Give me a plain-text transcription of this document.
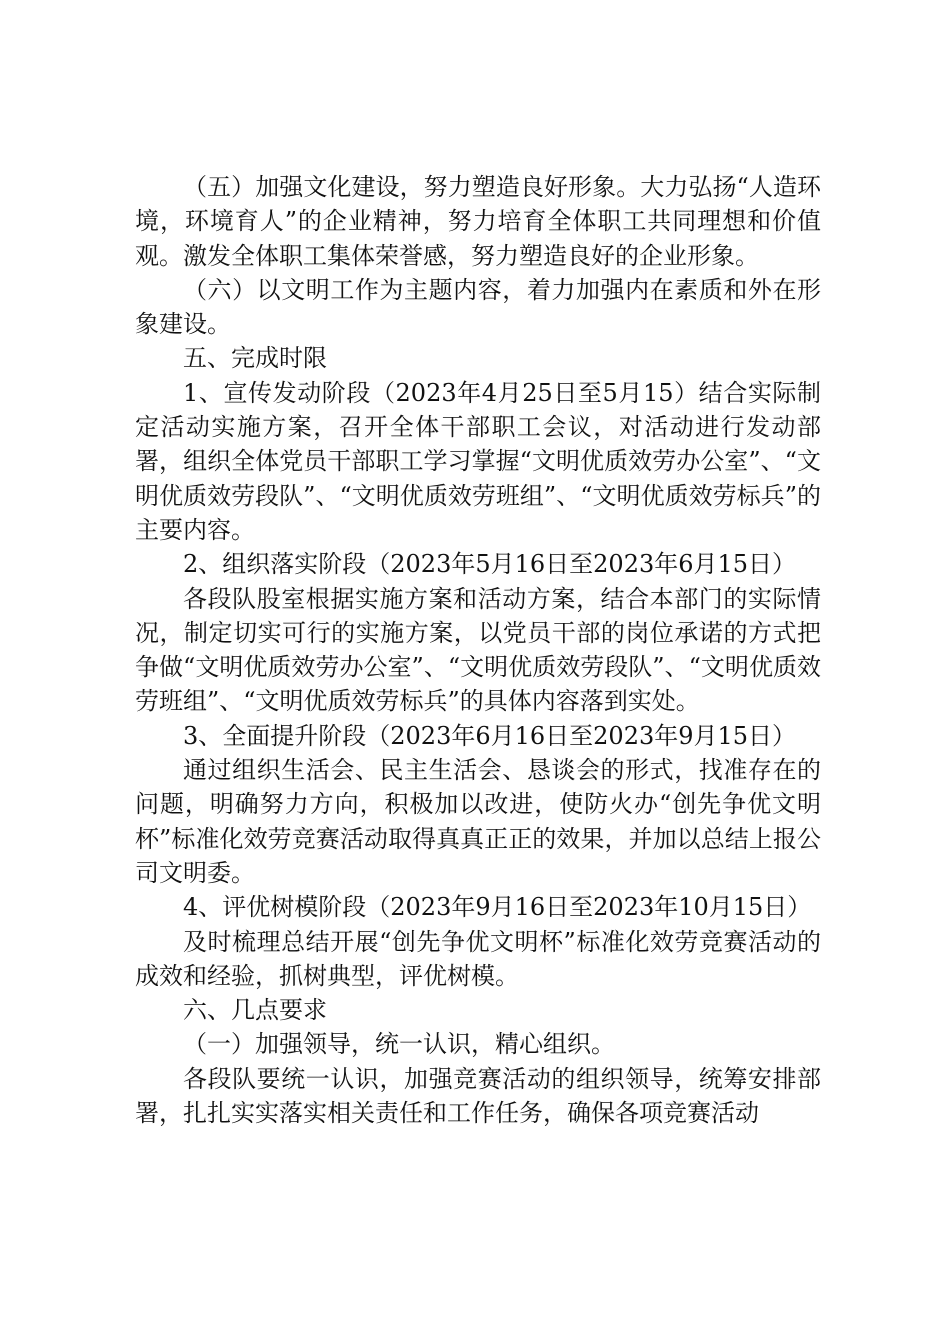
（五）加强文化建设，努力塑造良好形象。大力弘扬“人造环境，环境育人”的企业精神，努力培育全体职工共同理想和价值观。激发全体职工集体荣誉感，努力塑造良好的企业形象。

（六）以文明工作为主题内容，着力加强内在素质和外在形象建设。

五、完成时限

1、宣传发动阶段（2023年4月25日至5月15）结合实际制定活动实施方案，召开全体干部职工会议，对活动进行发动部署，组织全体党员干部职工学习掌握“文明优质效劳办公室”、“文明优质效劳段队”、“文明优质效劳班组”、“文明优质效劳标兵”的主要内容。

2、组织落实阶段（2023年5月16日至2023年6月15日）

各段队股室根据实施方案和活动方案，结合本部门的实际情况，制定切实可行的实施方案，以党员干部的岗位承诺的方式把争做“文明优质效劳办公室”、“文明优质效劳段队”、“文明优质效劳班组”、“文明优质效劳标兵”的具体内容落到实处。

3、全面提升阶段（2023年6月16日至2023年9月15日）

通过组织生活会、民主生活会、恳谈会的形式，找准存在的问题，明确努力方向，积极加以改进，使防火办“创先争优文明杯”标准化效劳竞赛活动取得真真正正的效果，并加以总结上报公司文明委。

4、评优树模阶段（2023年9月16日至2023年10月15日）

及时梳理总结开展“创先争优文明杯”标准化效劳竞赛活动的成效和经验，抓树典型，评优树模。

六、几点要求

（一）加强领导，统一认识，精心组织。

各段队要统一认识，加强竞赛活动的组织领导，统筹安排部署，扎扎实实落实相关责任和工作任务，确保各项竞赛活动
